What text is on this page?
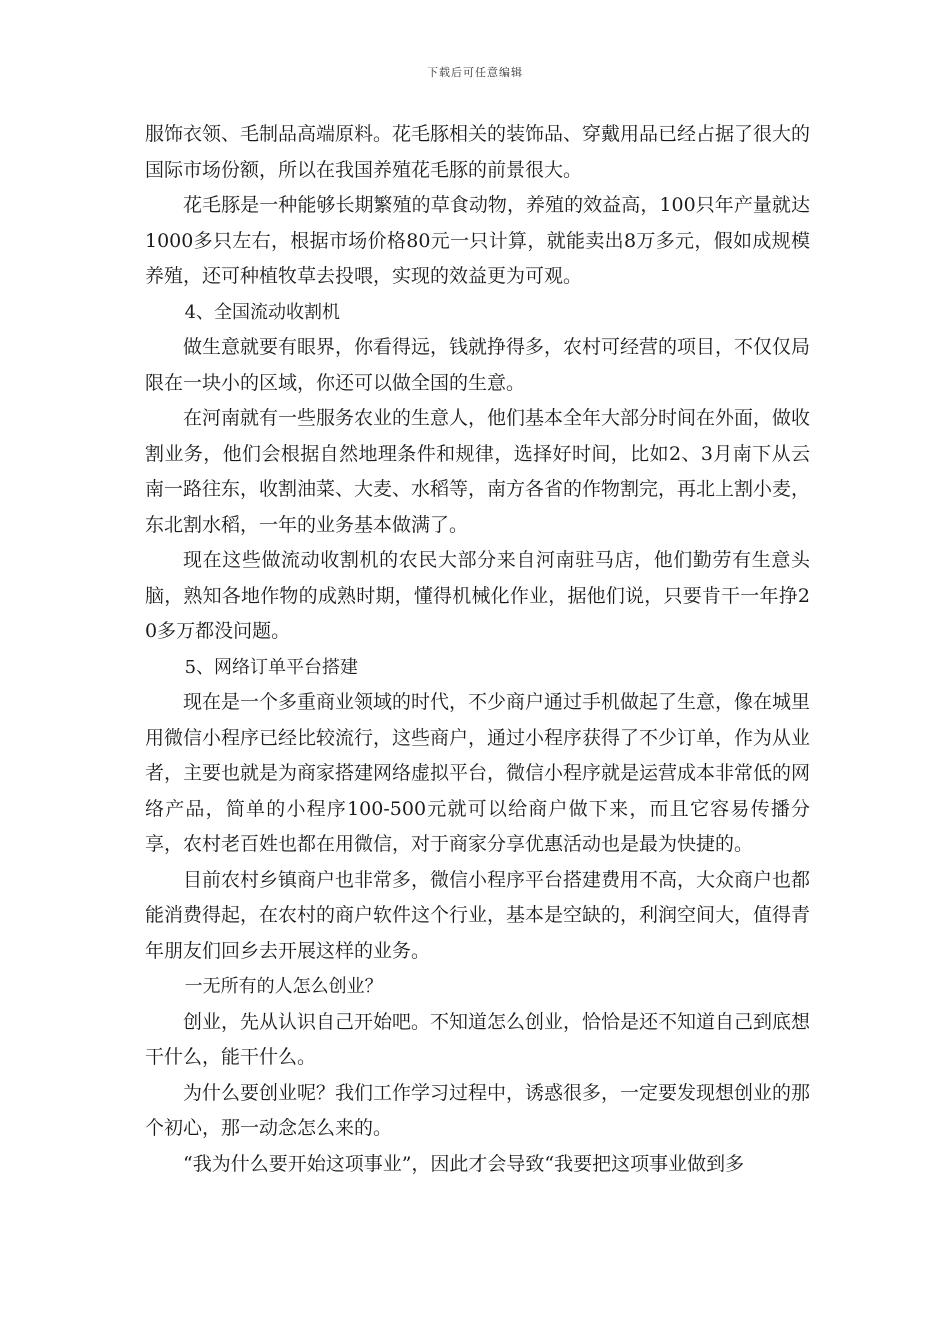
下载后可任意编辑

服饰衣领、毛制品高端原料。花毛豚相关的装饰品、穿戴用品已经占据了很大的国际市场份额，所以在我国养殖花毛豚的前景很大。

花毛豚是一种能够长期繁殖的草食动物，养殖的效益高，100只年产量就达1000多只左右，根据市场价格80元一只计算，就能卖出8万多元，假如成规模养殖，还可种植牧草去投喂，实现的效益更为可观。

4、全国流动收割机

做生意就要有眼界，你看得远，钱就挣得多，农村可经营的项目，不仅仅局限在一块小的区域，你还可以做全国的生意。

在河南就有一些服务农业的生意人，他们基本全年大部分时间在外面，做收割业务，他们会根据自然地理条件和规律，选择好时间，比如2、3月南下从云南一路往东，收割油菜、大麦、水稻等，南方各省的作物割完，再北上割小麦，东北割水稻，一年的业务基本做满了。

现在这些做流动收割机的农民大部分来自河南驻马店，他们勤劳有生意头脑，熟知各地作物的成熟时期，懂得机械化作业，据他们说，只要肯干一年挣20多万都没问题。

5、网络订单平台搭建

现在是一个多重商业领域的时代，不少商户通过手机做起了生意，像在城里用微信小程序已经比较流行，这些商户，通过小程序获得了不少订单，作为从业者，主要也就是为商家搭建网络虚拟平台，微信小程序就是运营成本非常低的网络产品，简单的小程序100-500元就可以给商户做下来，而且它容易传播分享，农村老百姓也都在用微信，对于商家分享优惠活动也是最为快捷的。

目前农村乡镇商户也非常多，微信小程序平台搭建费用不高，大众商户也都能消费得起，在农村的商户软件这个行业，基本是空缺的，利润空间大，值得青年朋友们回乡去开展这样的业务。

一无所有的人怎么创业？

创业，先从认识自己开始吧。不知道怎么创业，恰恰是还不知道自己到底想干什么，能干什么。

为什么要创业呢？我们工作学习过程中，诱惑很多，一定要发现想创业的那个初心，那一动念怎么来的。

“我为什么要开始这项事业”，因此才会导致“我要把这项事业做到多
